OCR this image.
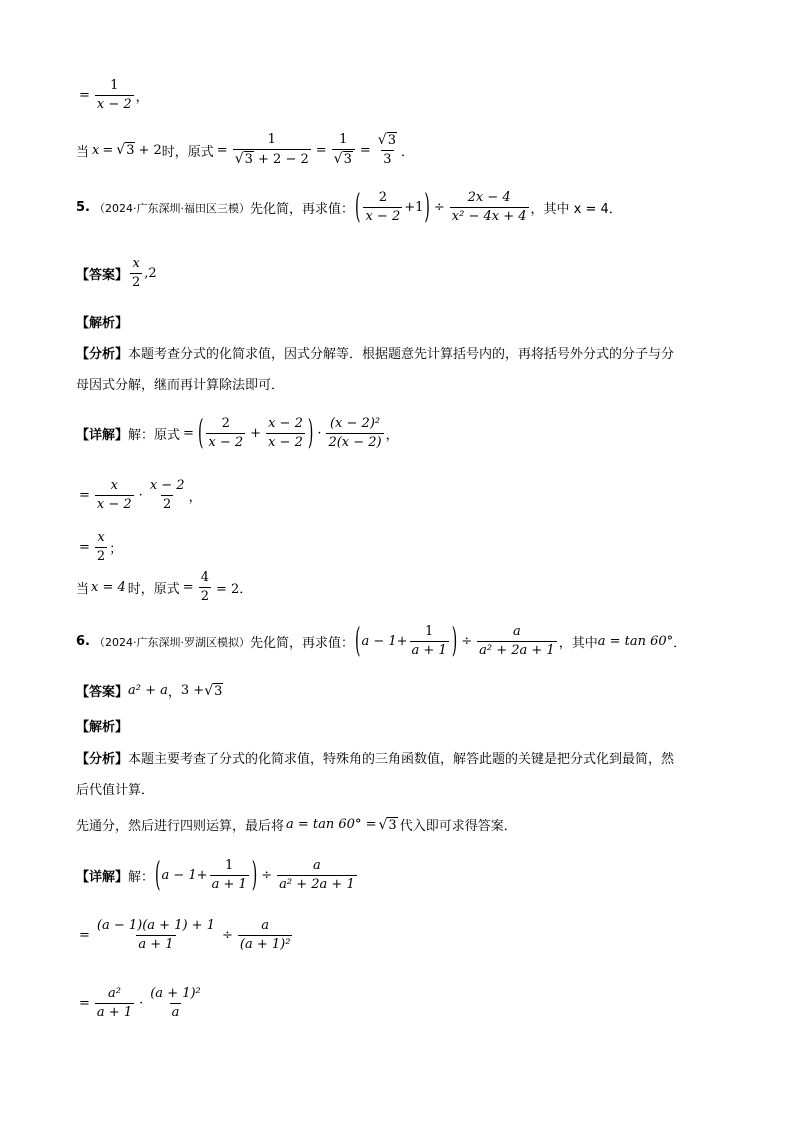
= $\frac{1}{x - 2}$ ，
当 x = √ 3 + 2 时，原式 = $\frac{1}{√ 3 + 2 - 2} = \frac{1}{√ 3} = \frac{√ 3}{3}$ ．
5. （2024·广东深圳·福田区三模） 先化简，再求值： ( $\frac{2}{x - 2} +1$ ) ÷ $\frac{2x - 4}{\text{x² − 4x + 4}}$ ，其中 x = 4．
【答案】 $\frac{x}{2} ,2$
【解析】
【分析】 本题考查分式的化简求值，因式分解等．根据题意先计算括号内的，再将括号外分式的分子与分
母因式分解，继而再计算除法即可．
【详解】 解：原式 = ( $\frac{2}{x - 2} + \frac{x - 2}{x - 2}$ ) · $\frac{\text{(x − 2)²}}{2(x - 2)}$ ，
= $\frac{x}{x - 2} \cdot \frac{x - 2}{2}$ ，
= $\frac{x}{2}$ ；
当 x = 4 时，原式 = $\frac{4}{2} = 2$．
6. （2024·广东深圳·罗湖区模拟） 先化简，再求值： ( $a - 1+ \frac{1}{a + 1}$ ) ÷ $\frac{a}{\text{a² + 2a + 1}}$ ，其中 a = tan 60° ．
【答案】 a² + a ， 3 + √ 3
【解析】
【分析】 本题主要考查了分式的化简求值，特殊角的三角函数值，解答此题的关键是把分式化到最简，然
后代值计算．
先通分，然后进行四则运算，最后将 a = tan 60° = √ 3 代入即可求得答案．
【详解】 解： ( $a - 1+ \frac{1}{a + 1}$ ) ÷ $\frac{a}{\text{a² + 2a + 1}}$
= $\frac{(a - 1)(a + 1) + 1}{a + 1} \div \frac{a}{\text{(a + 1)²}}$
= $\frac{\text{a²}}{a + 1} \cdot \frac{\text{(a + 1)²}}{a}$
